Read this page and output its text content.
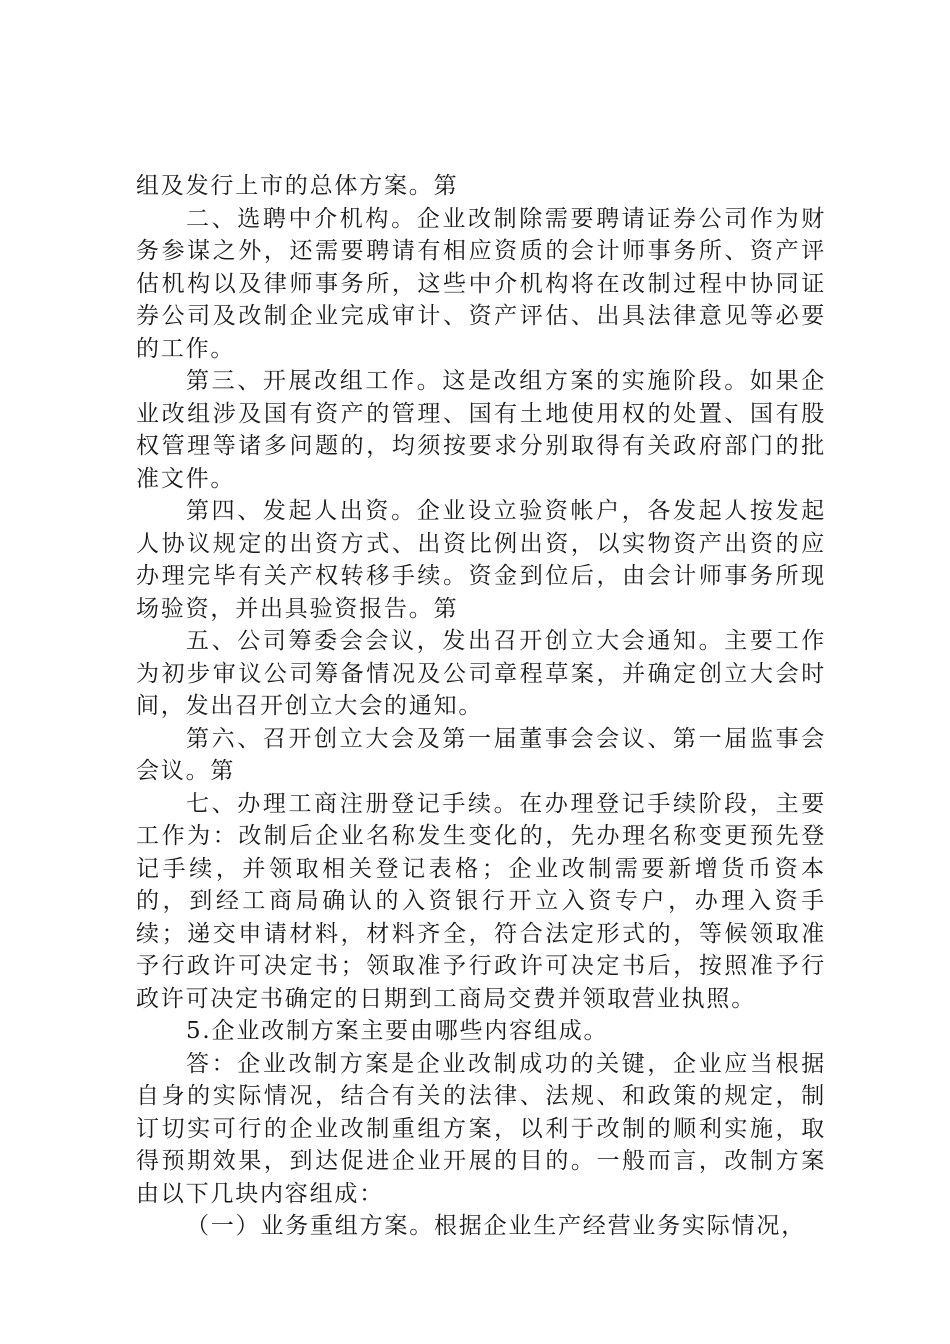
组及发行上市的总体方案。第

二、选聘中介机构。企业改制除需要聘请证券公司作为财务参谋之外，还需要聘请有相应资质的会计师事务所、资产评估机构以及律师事务所，这些中介机构将在改制过程中协同证券公司及改制企业完成审计、资产评估、出具法律意见等必要的工作。

第三、开展改组工作。这是改组方案的实施阶段。如果企业改组涉及国有资产的管理、国有土地使用权的处置、国有股权管理等诸多问题的，均须按要求分别取得有关政府部门的批准文件。

第四、发起人出资。企业设立验资帐户，各发起人按发起人协议规定的出资方式、出资比例出资，以实物资产出资的应办理完毕有关产权转移手续。资金到位后，由会计师事务所现场验资，并出具验资报告。第

五、公司筹委会会议，发出召开创立大会通知。主要工作为初步审议公司筹备情况及公司章程草案，并确定创立大会时间，发出召开创立大会的通知。

第六、召开创立大会及第一届董事会会议、第一届监事会会议。第

七、办理工商注册登记手续。在办理登记手续阶段，主要工作为：改制后企业名称发生变化的，先办理名称变更预先登记手续，并领取相关登记表格；企业改制需要新增货币资本的，到经工商局确认的入资银行开立入资专户，办理入资手续；递交申请材料，材料齐全，符合法定形式的，等候领取准予行政许可决定书；领取准予行政许可决定书后，按照准予行政许可决定书确定的日期到工商局交费并领取营业执照。

5.企业改制方案主要由哪些内容组成。

答：企业改制方案是企业改制成功的关键，企业应当根据自身的实际情况，结合有关的法律、法规、和政策的规定，制订切实可行的企业改制重组方案，以利于改制的顺利实施，取得预期效果，到达促进企业开展的目的。一般而言，改制方案由以下几块内容组成：

（一）业务重组方案。根据企业生产经营业务实际情况，
